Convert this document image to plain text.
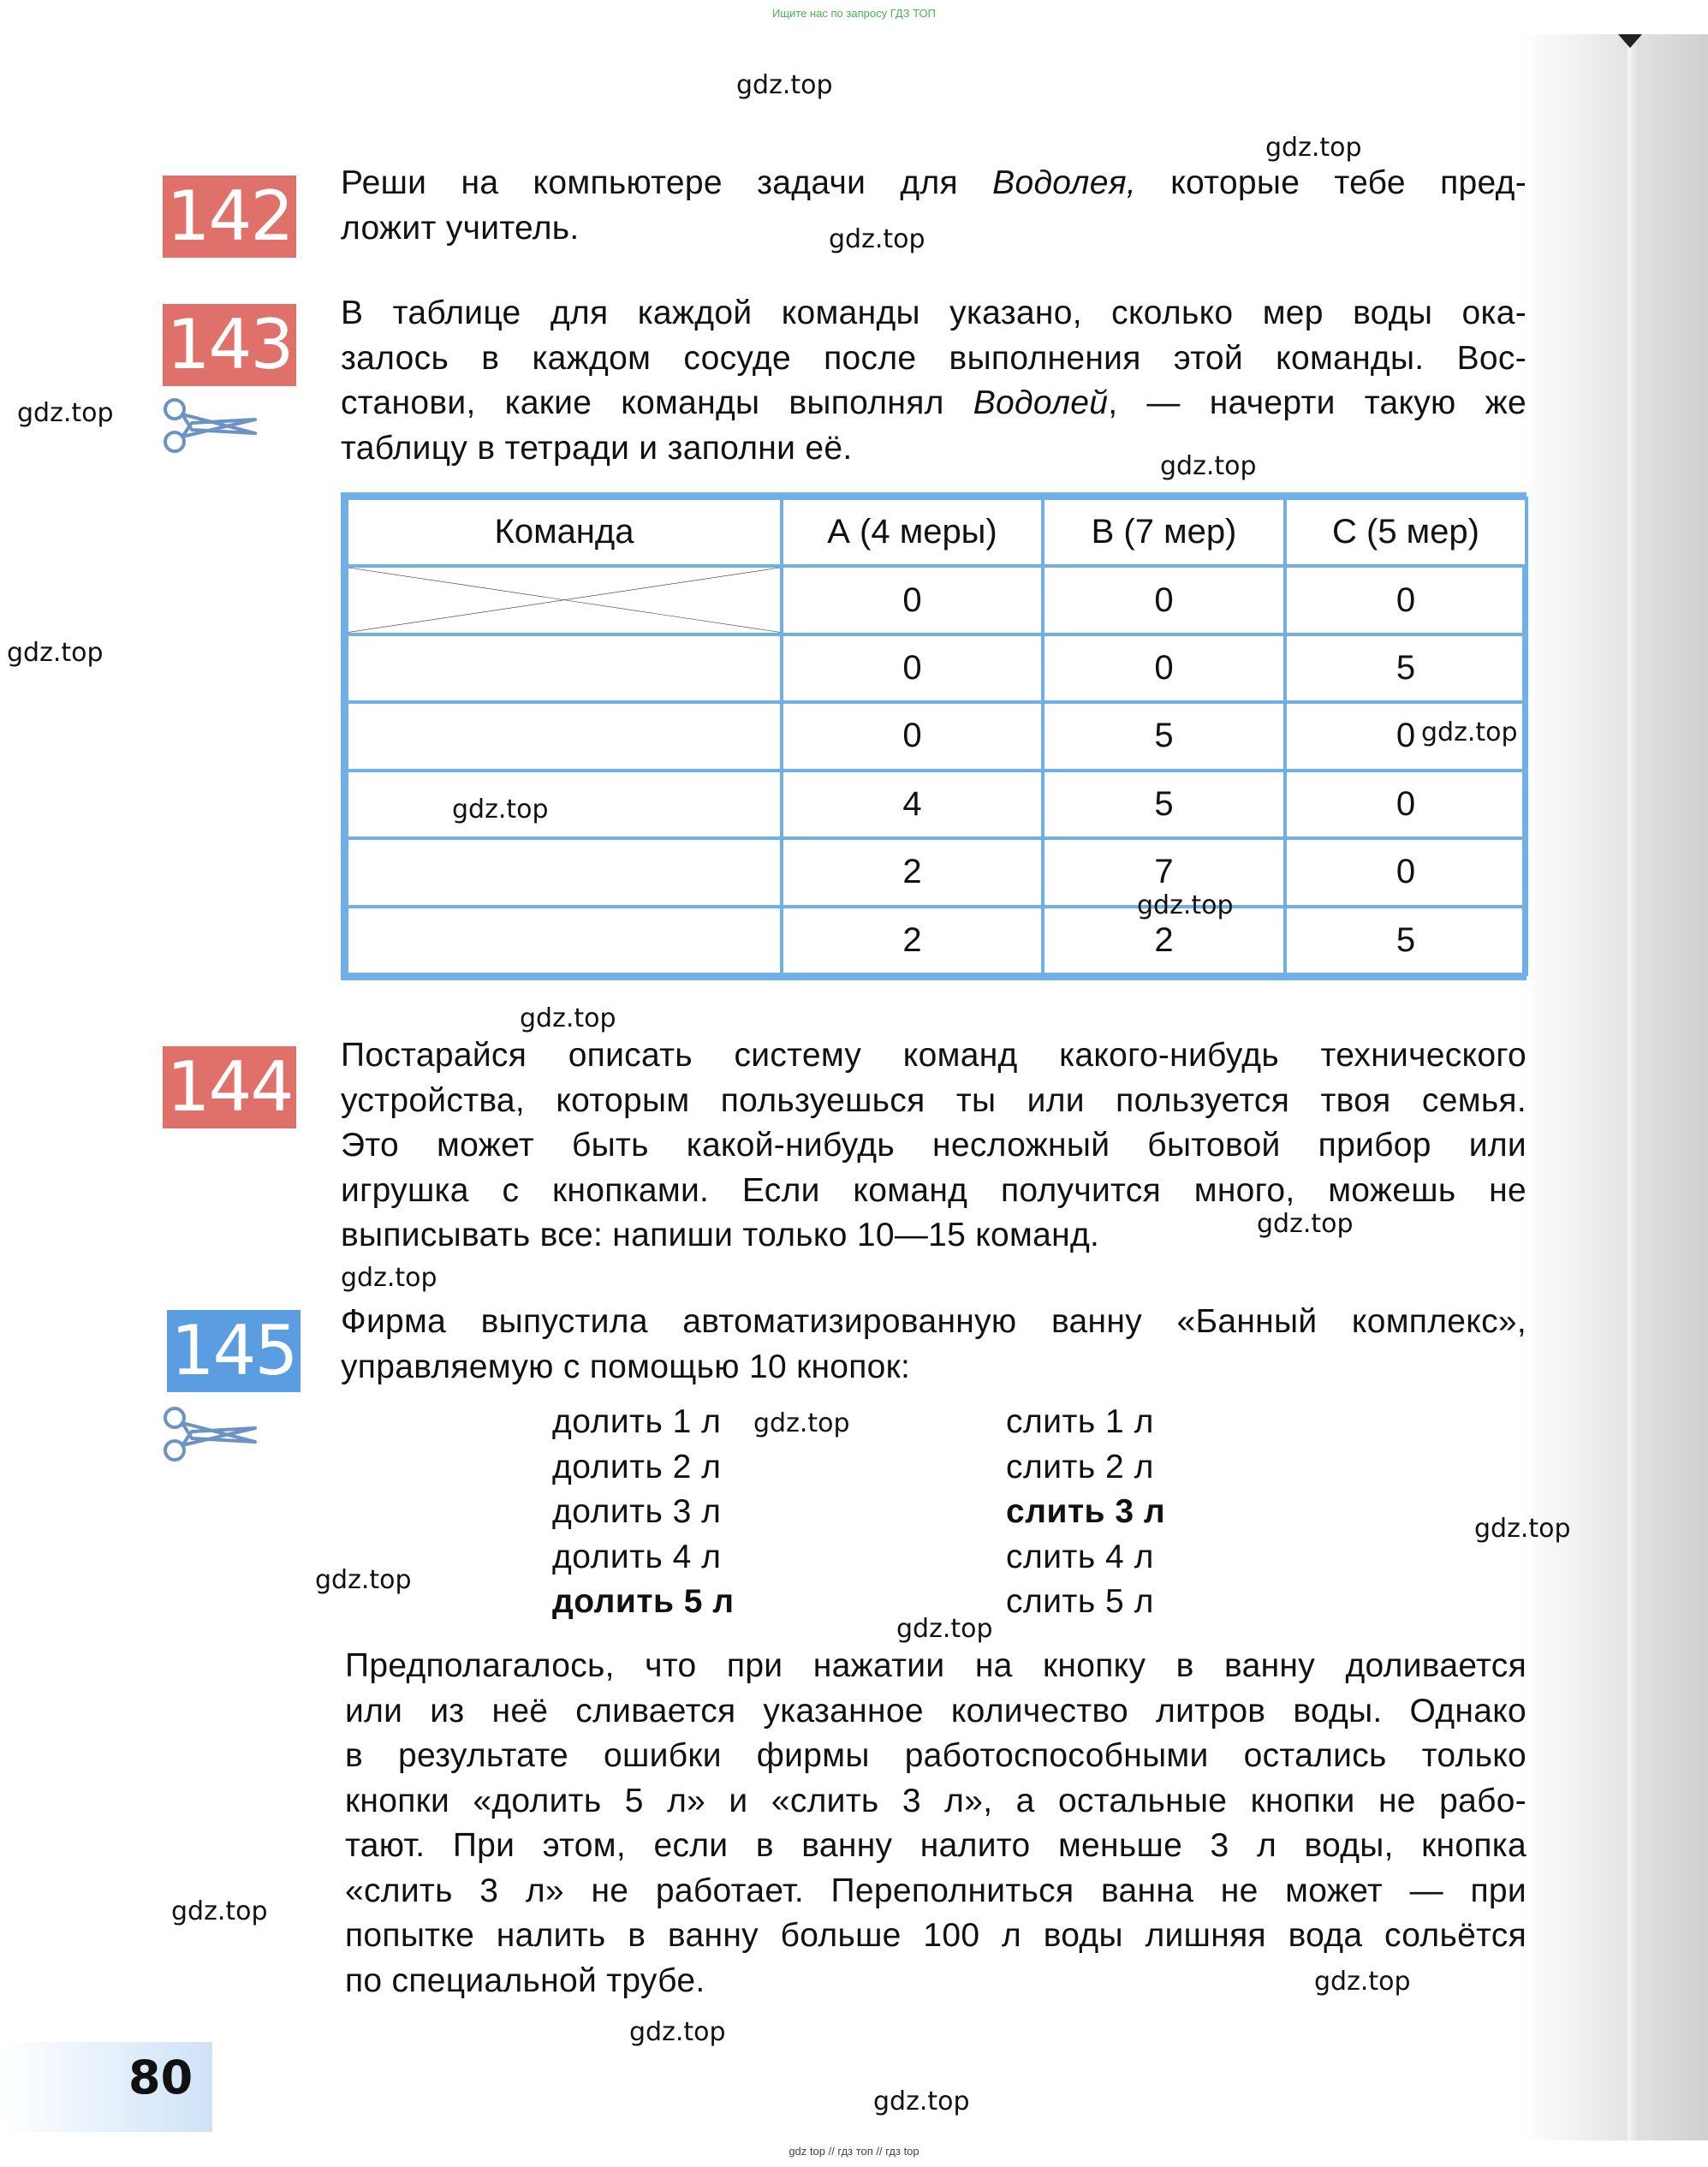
Ищите нас по запросу ГДЗ ТОП
142 Реши на компьютере задачи для Водолея, которые тебе пред-
ложит учитель.
143 В таблице для каждой команды указано, сколько мер воды ока-
залось в каждом сосуде после выполнения этой команды. Вос-
станови, какие команды выполнял Водолей, — начерти такую же
таблицу в тетради и заполни её.
Команда	А (4 меры)	В (7 мер)	С (5 мер)

	0	0	0
	0	0	5
	0	5	0
	4	5	0
	2	7	0
	2	2	5
144 Постарайся описать систему команд какого-нибудь технического
устройства, которым пользуешься ты или пользуется твоя семья.
Это может быть какой-нибудь несложный бытовой прибор или
игрушка с кнопками. Если команд получится много, можешь не
выписывать все: напиши только 10—15 команд.
145 Фирма выпустила автоматизированную ванну «Банный комплекс»,
управляемую с помощью 10 кнопок:
долить 1 л
долить 2 л
долить 3 л
долить 4 л
долить 5 л
слить 1 л
слить 2 л
слить 3 л
слить 4 л
слить 5 л
Предполагалось, что при нажатии на кнопку в ванну доливается
или из неё сливается указанное количество литров воды. Однако
в результате ошибки фирмы работоспособными остались только
кнопки «долить 5 л» и «слить 3 л», а остальные кнопки не рабо-
тают. При этом, если в ванну налито меньше 3 л воды, кнопка
«слить 3 л» не работает. Переполниться ванна не может — при
попытке налить в ванну больше 100 л воды лишняя вода сольётся
по специальной трубе.
80
gdz.top
gdz.top
gdz.top
gdz.top
gdz.top
gdz.top
gdz.top
gdz.top
gdz.top
gdz.top
gdz.top
gdz.top
gdz.top
gdz.top
gdz.top
gdz.top
gdz.top
gdz.top
gdz.top
gdz.top
gdz top // гдз топ // гдз top
